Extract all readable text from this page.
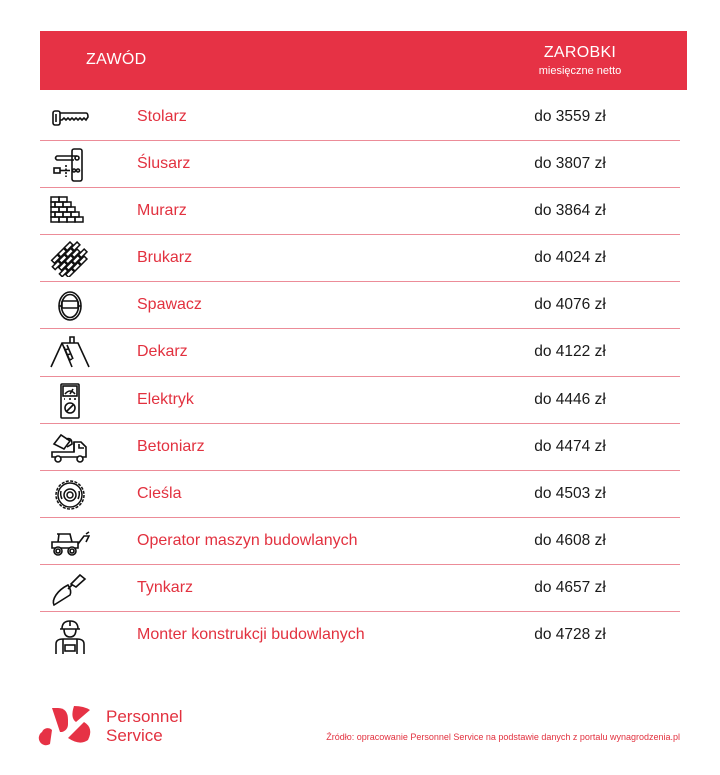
ZAWÓD	ZAROBKI
miesięczne netto
Stolarz	do 3559 zł
Ślusarz	do 3807 zł
Murarz	do 3864 zł
Brukarz	do 4024 zł
Spawacz	do 4076 zł
Dekarz	do 4122 zł
Elektryk	do 4446 zł
Betoniarz	do 4474 zł
Cieśla	do 4503 zł
Operator maszyn budowlanych	do 4608 zł
Tynkarz	do 4657 zł
Monter konstrukcji budowlanych	do 4728 zł
Personnel
Service	Źródło: opracowanie Personnel Service na podstawie danych z portalu wynagrodzenia.pl
